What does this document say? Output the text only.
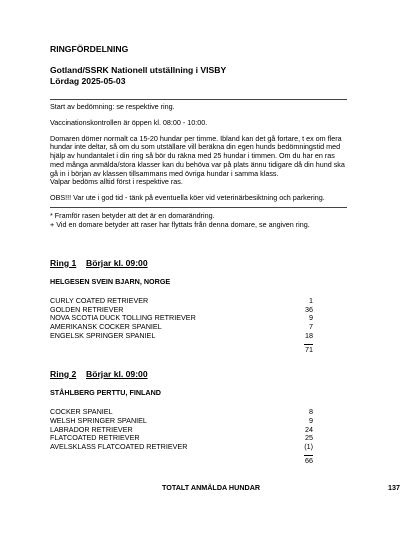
RINGFÖRDELNING
Gotland/SSRK Nationell utställning i VISBY
Lördag 2025-05-03

Start av bedömning: se respektive ring.

Vaccinationskontrollen är öppen kl. 08:00 - 10:00.

Domaren dömer normalt ca 15-20 hundar per timme. Ibland kan det gå fortare, t ex om flera hundar inte deltar, så om du som utställare vill beräkna din egen hunds bedömningstid med hjälp av hundantalet i din ring så bör du räkna med 25 hundar i timmen. Om du har en ras med många anmälda/stora klasser kan du behöva var på plats ännu tidigare då din hund ska gå in i början av klassen tillsammans med övriga hundar i samma klass.

Valpar bedöms alltid först i respektive ras.

OBS!!! Var ute i god tid - tänk på eventuella köer vid veterinärbesiktning och parkering.

* Framför rasen betyder att det är en domarändring.

+ Vid en domare betyder att raser har flyttats från denna domare, se angiven ring.

Ring 1	Börjar kl. 09:00
HELGESEN SVEIN BJARN, NORGE
CURLY COATED RETRIEVER	1
GOLDEN RETRIEVER	36
NOVA SCOTIA DUCK TOLLING RETRIEVER	9
AMERIKANSK COCKER SPANIEL	7
ENGELSK SPRINGER SPANIEL	18
71
Ring 2	Börjar kl. 09:00
STÅHLBERG PERTTU, FINLAND
COCKER SPANIEL	8
WELSH SPRINGER SPANIEL	9
LABRADOR RETRIEVER	24
FLATCOATED RETRIEVER	25
AVELSKLASS FLATCOATED RETRIEVER	(1)
66
TOTALT ANMÄLDA HUNDAR	137
